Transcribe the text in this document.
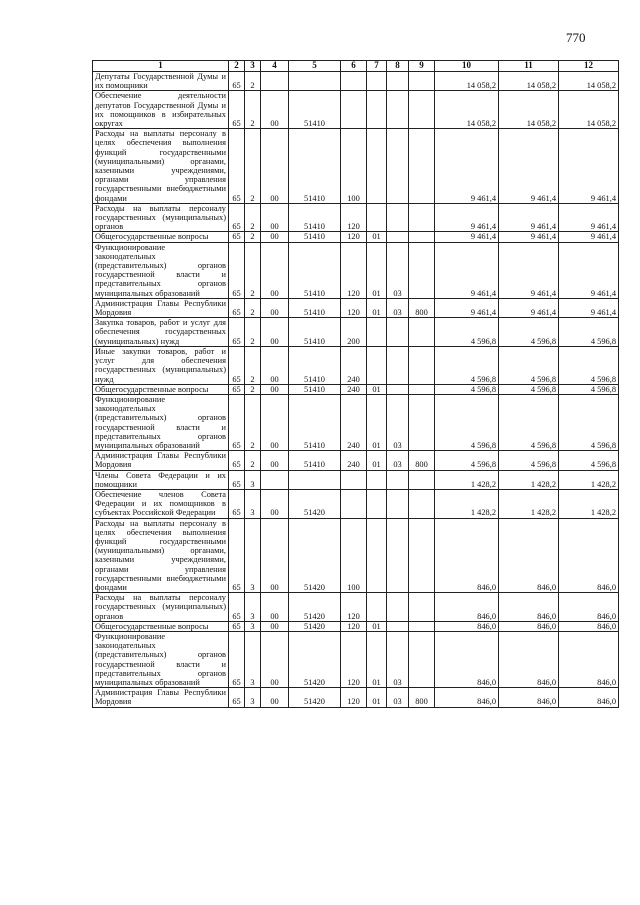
770
1	2	3	4	5	6	7	8	9	10	11	12
Депутаты Государственной Думы и их помощники	65	2							14 058,2	14 058,2	14 058,2
Обеспечение деятельности депутатов Государственной Думы и их помощников в избирательных округах	65	2	00	51410					14 058,2	14 058,2	14 058,2
Расходы на выплаты персоналу в целях обеспечения выполнения функций государственными (муниципальными) органами, казенными учреждениями, органами управления государственными внебюджетными фондами	65	2	00	51410	100				9 461,4	9 461,4	9 461,4
Расходы на выплаты персоналу государственных (муниципальных) органов	65	2	00	51410	120				9 461,4	9 461,4	9 461,4
Общегосударственные вопросы	65	2	00	51410	120	01			9 461,4	9 461,4	9 461,4
Функционирование законодательных (представительных) органов государственной власти и представительных органов муниципальных образований	65	2	00	51410	120	01	03		9 461,4	9 461,4	9 461,4
Администрация Главы Республики Мордовия	65	2	00	51410	120	01	03	800	9 461,4	9 461,4	9 461,4
Закупка товаров, работ и услуг для обеспечения государственных (муниципальных) нужд	65	2	00	51410	200				4 596,8	4 596,8	4 596,8
Иные закупки товаров, работ и услуг для обеспечения государственных (муниципальных) нужд	65	2	00	51410	240				4 596,8	4 596,8	4 596,8
Общегосударственные вопросы	65	2	00	51410	240	01			4 596,8	4 596,8	4 596,8
Функционирование законодательных (представительных) органов государственной власти и представительных органов муниципальных образований	65	2	00	51410	240	01	03		4 596,8	4 596,8	4 596,8
Администрация Главы Республики Мордовия	65	2	00	51410	240	01	03	800	4 596,8	4 596,8	4 596,8
Члены Совета Федерации и их помощники	65	3							1 428,2	1 428,2	1 428,2
Обеспечение членов Совета Федерации и их помощников в субъектах Российской Федерации	65	3	00	51420					1 428,2	1 428,2	1 428,2
Расходы на выплаты персоналу в целях обеспечения выполнения функций государственными (муниципальными) органами, казенными учреждениями, органами управления государственными внебюджетными фондами	65	3	00	51420	100				846,0	846,0	846,0
Расходы на выплаты персоналу государственных (муниципальных) органов	65	3	00	51420	120				846,0	846,0	846,0
Общегосударственные вопросы	65	3	00	51420	120	01			846,0	846,0	846,0
Функционирование законодательных (представительных) органов государственной власти и представительных органов муниципальных образований	65	3	00	51420	120	01	03		846,0	846,0	846,0
Администрация Главы Республики Мордовия	65	3	00	51420	120	01	03	800	846,0	846,0	846,0
